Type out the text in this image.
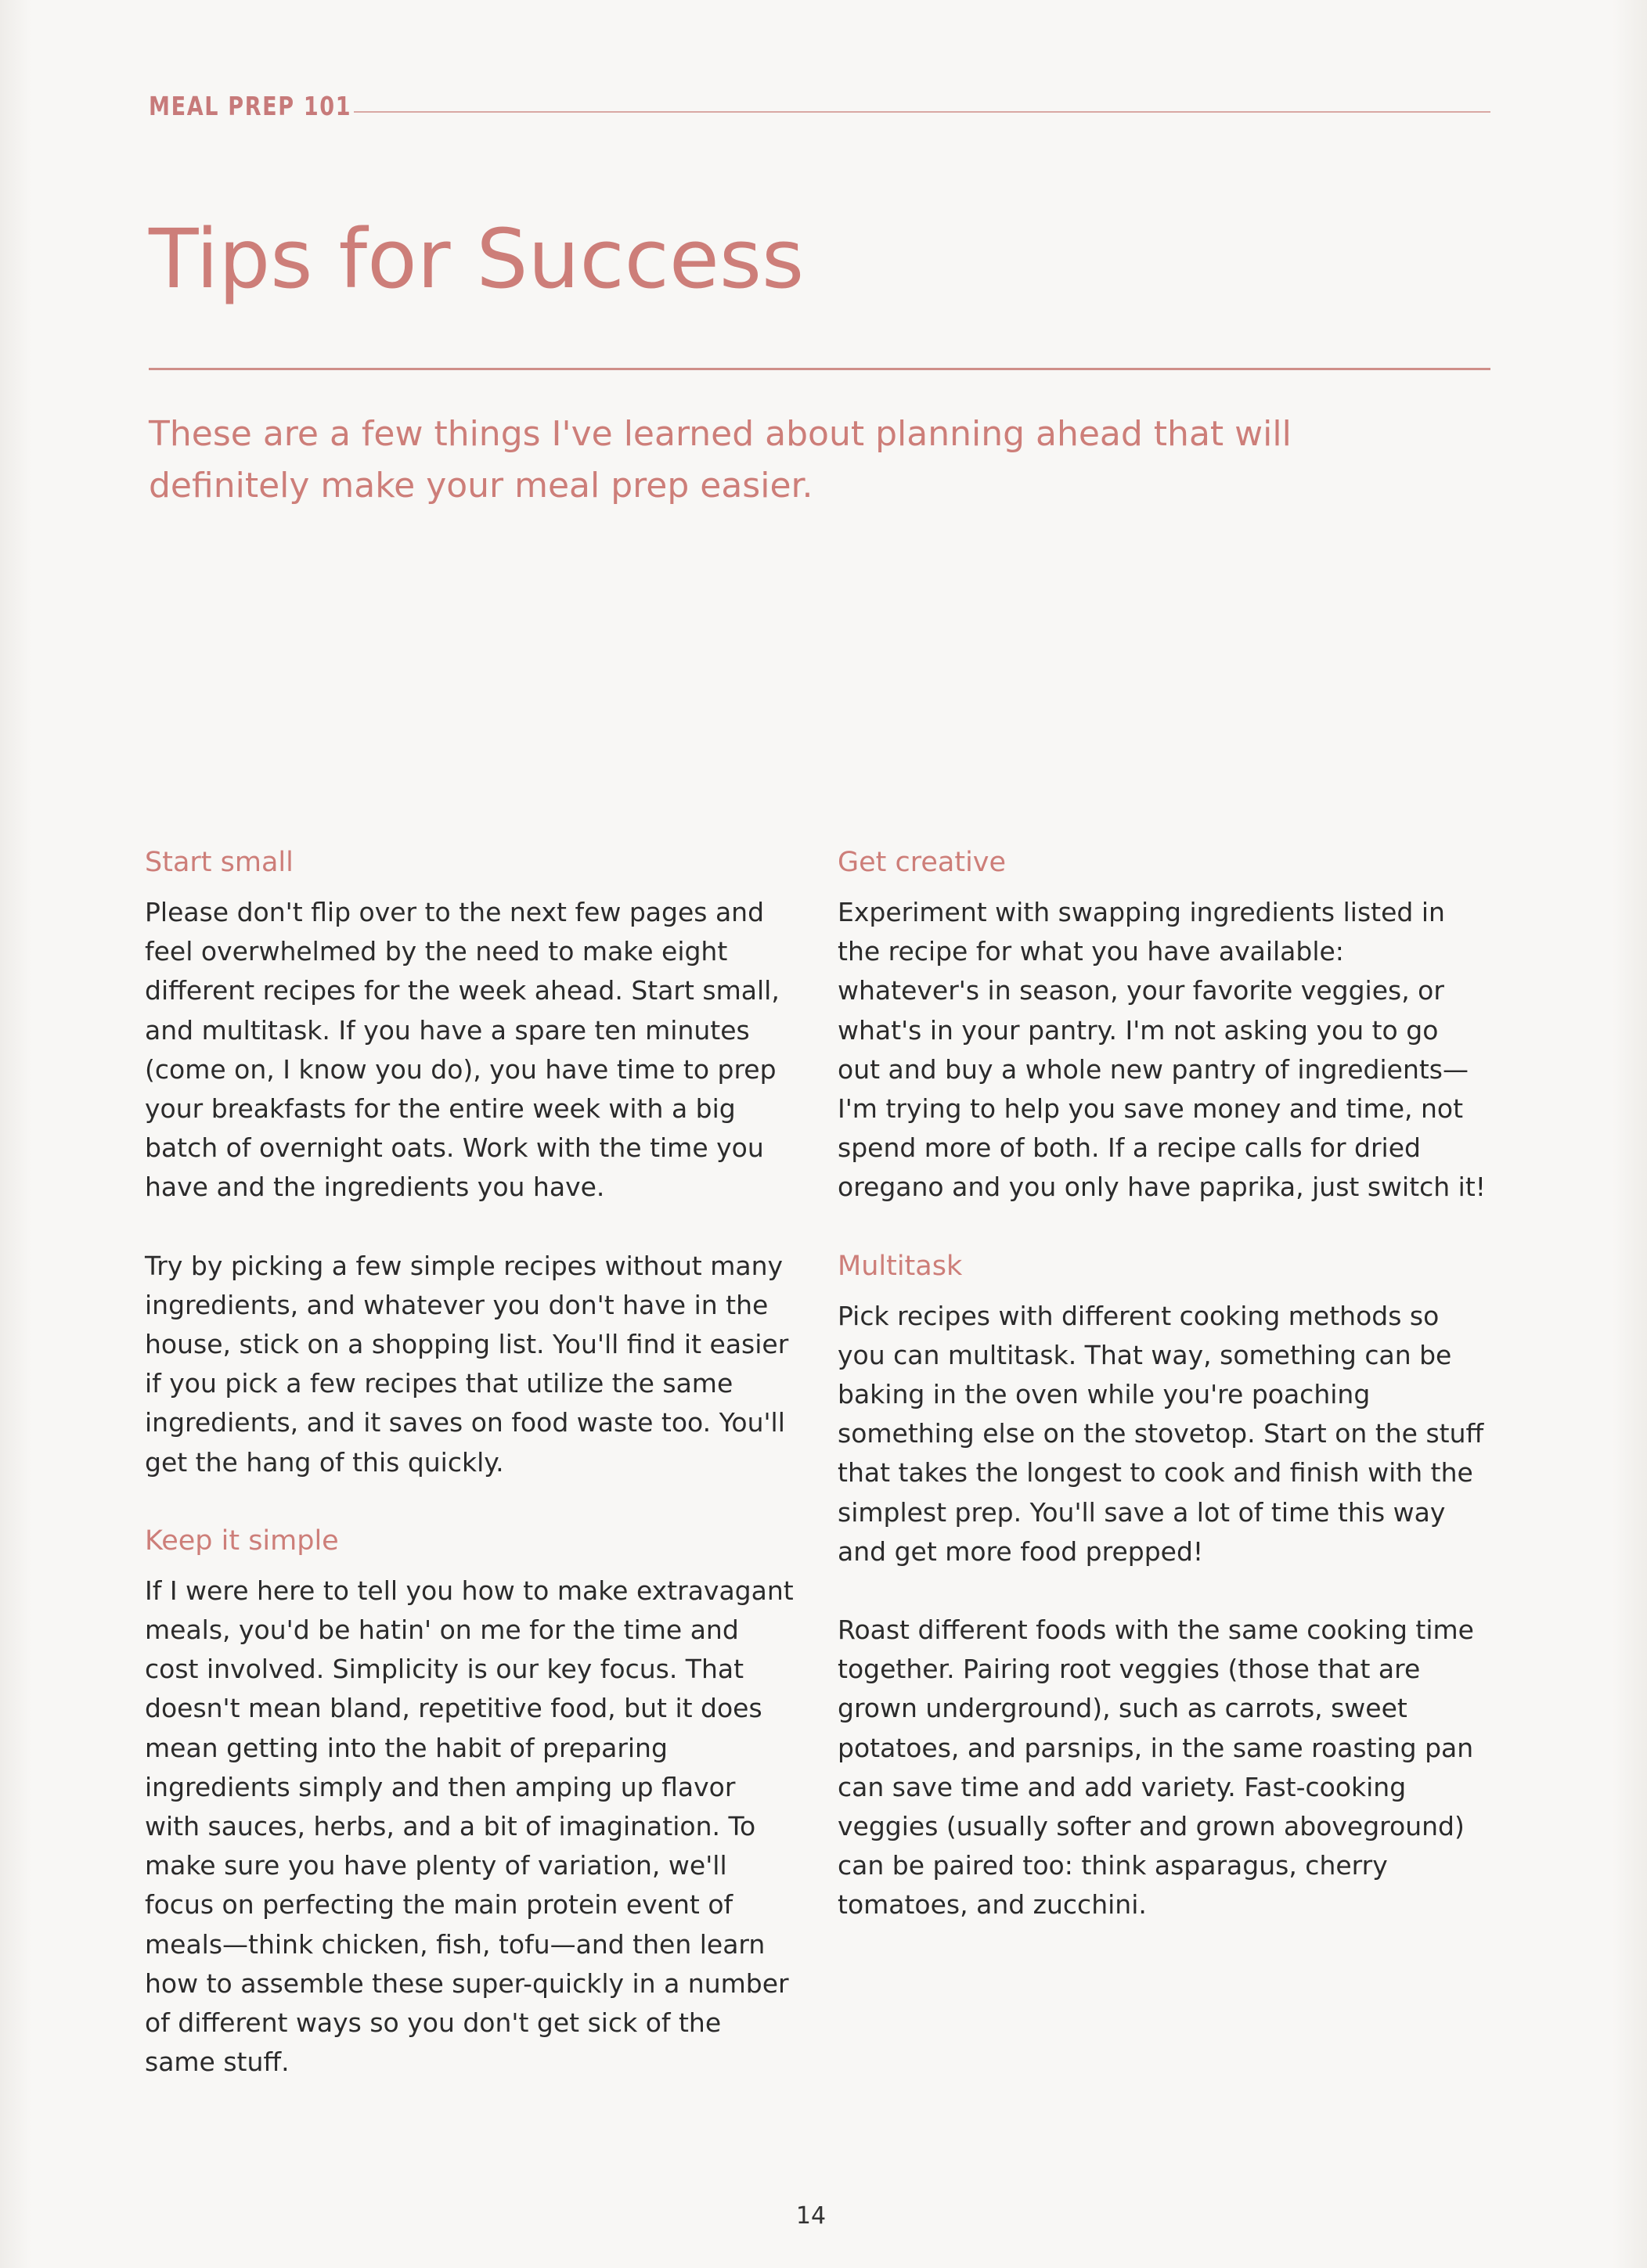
MEAL PREP 101
Tips for Success

These are a few things I've learned about planning ahead that will definitely make your meal prep easier.

Start small

Please don't flip over to the next few pages and feel overwhelmed by the need to make eight different recipes for the week ahead. Start small, and multitask. If you have a spare ten minutes (come on, I know you do), you have time to prep your breakfasts for the entire week with a big batch of overnight oats. Work with the time you have and the ingredients you have.

Try by picking a few simple recipes without many ingredients, and whatever you don't have in the house, stick on a shopping list. You'll find it easier if you pick a few recipes that utilize the same ingredients, and it saves on food waste too. You'll get the hang of this quickly.

Keep it simple

If I were here to tell you how to make extravagant meals, you'd be hatin' on me for the time and cost involved. Simplicity is our key focus. That doesn't mean bland, repetitive food, but it does mean getting into the habit of preparing ingredients simply and then amping up flavor with sauces, herbs, and a bit of imagination. To make sure you have plenty of variation, we'll focus on perfecting the main protein event of meals—think chicken, fish, tofu—and then learn how to assemble these super-quickly in a number of different ways so you don't get sick of the same stuff.

Get creative

Experiment with swapping ingredients listed in the recipe for what you have available: whatever's in season, your favorite veggies, or what's in your pantry. I'm not asking you to go out and buy a whole new pantry of ingredients—I'm trying to help you save money and time, not spend more of both. If a recipe calls for dried oregano and you only have paprika, just switch it!

Multitask

Pick recipes with different cooking methods so you can multitask. That way, something can be baking in the oven while you're poaching something else on the stovetop. Start on the stuff that takes the longest to cook and finish with the simplest prep. You'll save a lot of time this way and get more food prepped!

Roast different foods with the same cooking time together. Pairing root veggies (those that are grown underground), such as carrots, sweet potatoes, and parsnips, in the same roasting pan can save time and add variety. Fast-cooking veggies (usually softer and grown aboveground) can be paired too: think asparagus, cherry tomatoes, and zucchini.

14
